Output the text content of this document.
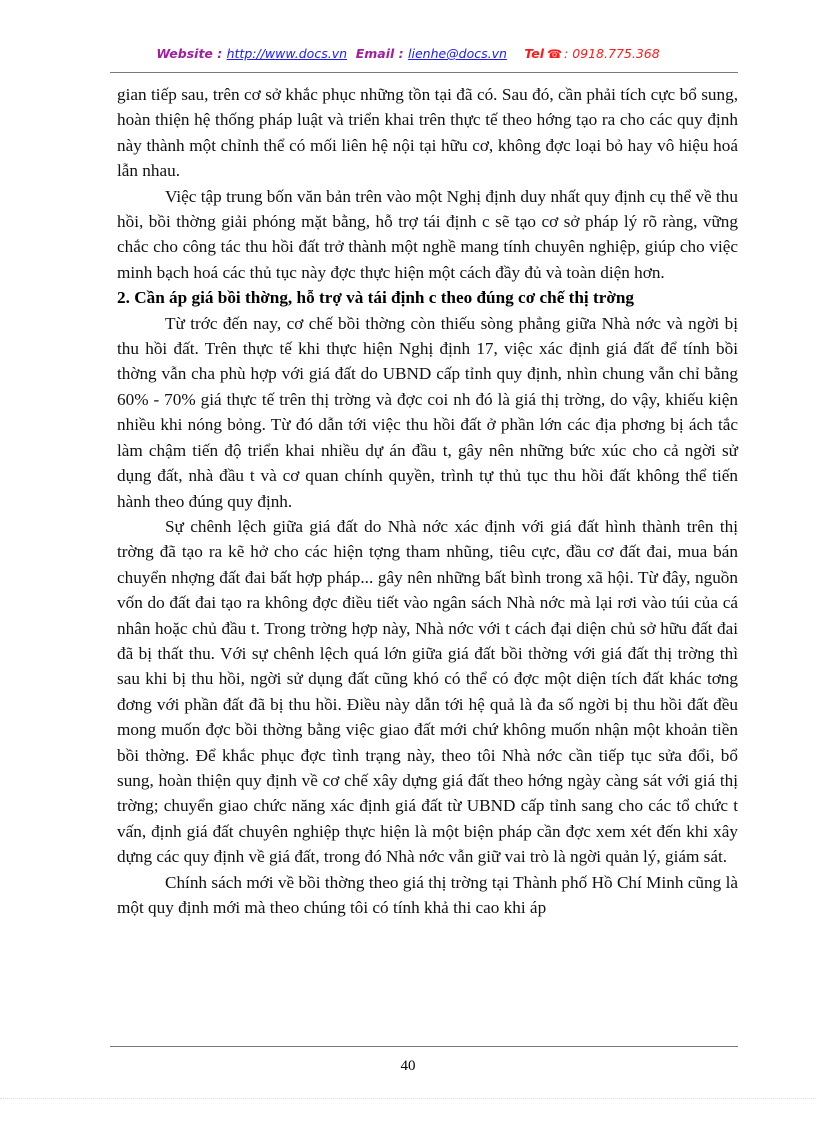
Website : http://www.docs.vn Email : lienhe@docs.vn Tel ☎ : 0918.775.368

gian tiếp sau, trên cơ sở khắc phục những tồn tại đã có. Sau đó, cần phải tích cực bổ sung, hoàn thiện hệ thống pháp luật và triển khai trên thực tế theo hớng tạo ra cho các quy định này thành một chỉnh thể có mối liên hệ nội tại hữu cơ, không đợc loại bỏ hay vô hiệu hoá lẫn nhau.

Việc tập trung bốn văn bản trên vào một Nghị định duy nhất quy định cụ thể về thu hồi, bồi thờng giải phóng mặt bằng, hỗ trợ tái định c sẽ tạo cơ sở pháp lý rõ ràng, vững chắc cho công tác thu hồi đất trở thành một nghề mang tính chuyên nghiệp, giúp cho việc minh bạch hoá các thủ tục này đợc thực hiện một cách đầy đủ và toàn diện hơn.

2. Cần áp giá bồi thờng, hỗ trợ và tái định c theo đúng cơ chế thị trờng

Từ trớc đến nay, cơ chế bồi thờng còn thiếu sòng phẳng giữa Nhà nớc và ngời bị thu hồi đất. Trên thực tế khi thực hiện Nghị định 17, việc xác định giá đất để tính bồi thờng vẫn cha phù hợp với giá đất do UBND cấp tỉnh quy định, nhìn chung vẫn chỉ bằng 60% - 70% giá thực tế trên thị trờng và đợc coi nh đó là giá thị trờng, do vậy, khiếu kiện nhiều khi nóng bỏng. Từ đó dẫn tới việc thu hồi đất ở phần lớn các địa phơng bị ách tắc làm chậm tiến độ triển khai nhiều dự án đầu t, gây nên những bức xúc cho cả ngời sử dụng đất, nhà đầu t và cơ quan chính quyền, trình tự thủ tục thu hồi đất không thể tiến hành theo đúng quy định.

Sự chênh lệch giữa giá đất do Nhà nớc xác định với giá đất hình thành trên thị trờng đã tạo ra kẽ hở cho các hiện tợng tham nhũng, tiêu cực, đầu cơ đất đai, mua bán chuyển nhợng đất đai bất hợp pháp... gây nên những bất bình trong xã hội. Từ đây, nguồn vốn do đất đai tạo ra không đợc điều tiết vào ngân sách Nhà nớc mà lại rơi vào túi của cá nhân hoặc chủ đầu t. Trong trờng hợp này, Nhà nớc với t cách đại diện chủ sở hữu đất đai đã bị thất thu. Với sự chênh lệch quá lớn giữa giá đất bồi thờng với giá đất thị trờng thì sau khi bị thu hồi, ngời sử dụng đất cũng khó có thể có đợc một diện tích đất khác tơng đơng với phần đất đã bị thu hồi. Điều này dẫn tới hệ quả là đa số ngời bị thu hồi đất đều mong muốn đợc bồi thờng bằng việc giao đất mới chứ không muốn nhận một khoản tiền bồi thờng. Để khắc phục đợc tình trạng này, theo tôi Nhà nớc cần tiếp tục sửa đổi, bổ sung, hoàn thiện quy định về cơ chế xây dựng giá đất theo hớng ngày càng sát với giá thị trờng; chuyển giao chức năng xác định giá đất từ UBND cấp tỉnh sang cho các tổ chức t vấn, định giá đất chuyên nghiệp thực hiện là một biện pháp cần đợc xem xét đến khi xây dựng các quy định về giá đất, trong đó Nhà nớc vẫn giữ vai trò là ngời quản lý, giám sát.

Chính sách mới về bồi thờng theo giá thị trờng tại Thành phố Hồ Chí Minh cũng là một quy định mới mà theo chúng tôi có tính khả thi cao khi áp

40
